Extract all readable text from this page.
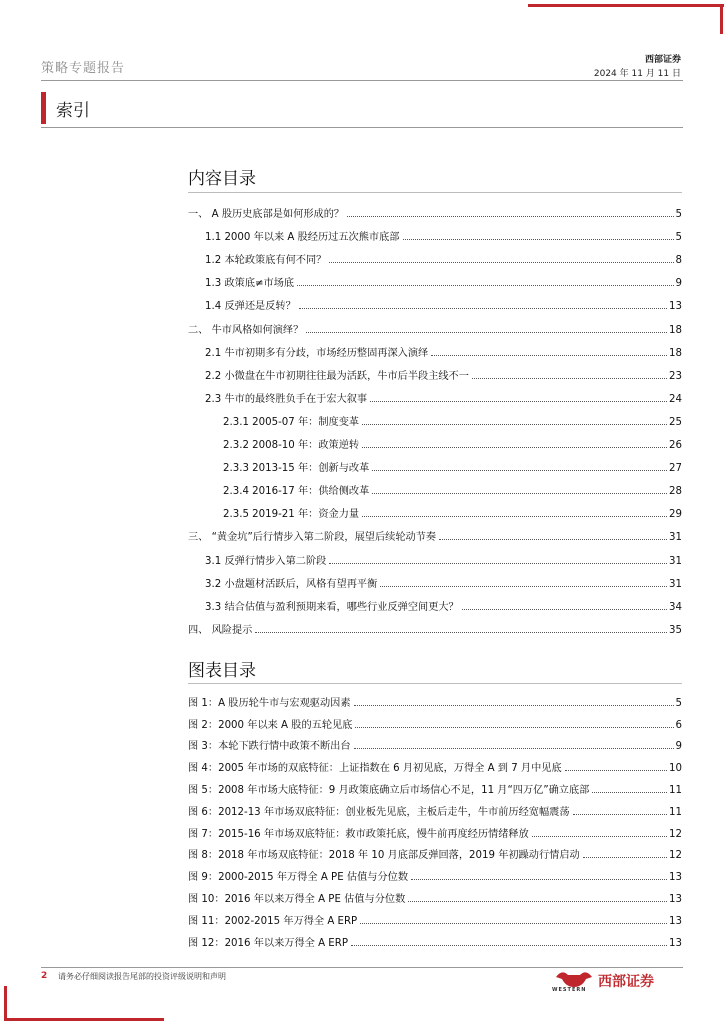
策略专题报告
西部证券
2024 年 11 月 11 日
索引
内容目录
一、 A 股历史底部是如何形成的？	5
1.1 2000 年以来 A 股经历过五次熊市底部	5
1.2 本轮政策底有何不同？	8
1.3 政策底≠市场底	9
1.4 反弹还是反转？	13
二、 牛市风格如何演绎？	18
2.1 牛市初期多有分歧，市场经历整固再深入演绎	18
2.2 小微盘在牛市初期往往最为活跃，牛市后半段主线不一	23
2.3 牛市的最终胜负手在于宏大叙事	24
2.3.1 2005-07 年：制度变革	25
2.3.2 2008-10 年：政策逆转	26
2.3.3 2013-15 年：创新与改革	27
2.3.4 2016-17 年：供给侧改革	28
2.3.5 2019-21 年：资金力量	29
三、 “黄金坑”后行情步入第二阶段，展望后续轮动节奏	31
3.1 反弹行情步入第二阶段	31
3.2 小盘题材活跃后，风格有望再平衡	31
3.3 结合估值与盈利预期来看，哪些行业反弹空间更大？	34
四、 风险提示	35
图表目录
图 1：A 股历轮牛市与宏观驱动因素	5
图 2：2000 年以来 A 股的五轮见底	6
图 3：本轮下跌行情中政策不断出台	9
图 4：2005 年市场的双底特征：上证指数在 6 月初见底，万得全 A 到 7 月中见底	10
图 5：2008 年市场大底特征：9 月政策底确立后市场信心不足，11 月“四万亿”确立底部	11
图 6：2012-13 年市场双底特征：创业板先见底，主板后走牛，牛市前历经宽幅震荡	11
图 7：2015-16 年市场双底特征：救市政策托底，慢牛前再度经历情绪释放	12
图 8：2018 年市场双底特征：2018 年 10 月底部反弹回落，2019 年初躁动行情启动	12
图 9：2000-2015 年万得全 A PE 估值与分位数	13
图 10：2016 年以来万得全 A PE 估值与分位数	13
图 11：2002-2015 年万得全 A ERP	13
图 12：2016 年以来万得全 A ERP	13
2 请务必仔细阅读报告尾部的投资评级说明和声明
WESTERN 西部证券
